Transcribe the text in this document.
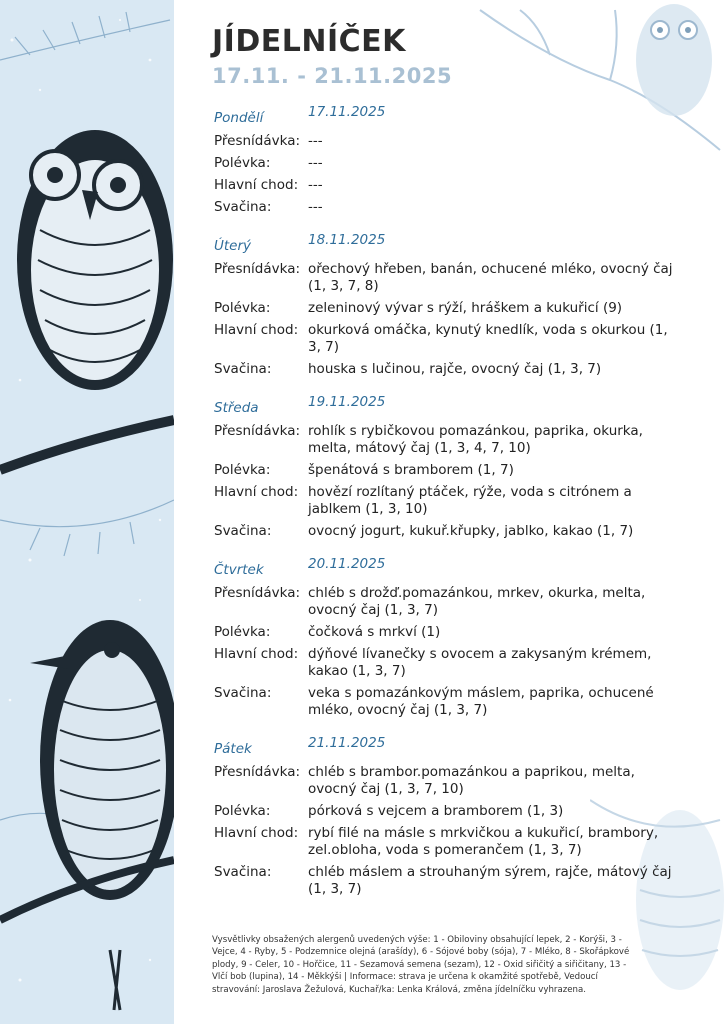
JÍDELNÍČEK
17.11. - 21.11.2025
Pondělí	17.11.2025
Přesnídávka: ---
Polévka:	---
Hlavní chod: ---
Svačina:	---
Úterý	18.11.2025
Přesnídávka: ořechový hřeben, banán, ochucené mléko, ovocný čaj (1, 3, 7, 8)
Polévka:	zeleninový vývar s rýží, hráškem a kukuřicí (9)
Hlavní chod: okurková omáčka, kynutý knedlík, voda s okurkou (1, 3, 7)
Svačina:	houska s lučinou, rajče, ovocný čaj (1, 3, 7)
Středa	19.11.2025
Přesnídávka: rohlík s rybičkovou pomazánkou, paprika, okurka, melta, mátový čaj (1, 3, 4, 7, 10)
Polévka:	špenátová s bramborem (1, 7)
Hlavní chod: hovězí rozlítaný ptáček, rýže, voda s citrónem a jablkem (1, 3, 10)
Svačina:	ovocný jogurt, kukuř.křupky, jablko, kakao (1, 7)
Čtvrtek	20.11.2025
Přesnídávka: chléb s drožď.pomazánkou, mrkev, okurka, melta, ovocný čaj (1, 3, 7)
Polévka:	čočková s mrkví (1)
Hlavní chod: dýňové lívanečky s ovocem a zakysaným krémem, kakao (1, 3, 7)
Svačina:	veka s pomazánkovým máslem, paprika, ochucené mléko, ovocný čaj (1, 3, 7)
Pátek	21.11.2025
Přesnídávka: chléb s brambor.pomazánkou a paprikou, melta, ovocný čaj (1, 3, 7, 10)
Polévka:	pórková s vejcem a bramborem (1, 3)
Hlavní chod: rybí filé na másle s mrkvičkou a kukuřicí, brambory, zel.obloha, voda s pomerančem (1, 3, 7)
Svačina:	chléb máslem a strouhaným sýrem, rajče, mátový čaj (1, 3, 7)

Vysvětlivky obsažených alergenů uvedených výše: 1 - Obiloviny obsahující lepek, 2 - Korýši, 3 - Vejce, 4 - Ryby, 5 - Podzemnice olejná (arašídy), 6 - Sójové boby (sója), 7 - Mléko, 8 - Skořápkové plody, 9 - Celer, 10 - Hořčice, 11 - Sezamová semena (sezam), 12 - Oxid siřičitý a siřičitany, 13 - Vlčí bob (lupina), 14 - Měkkýši | Informace: strava je určena k okamžité spotřebě, Vedoucí stravování: Jaroslava Žežulová, Kuchař/ka: Lenka Králová, změna jídelníčku vyhrazena.
